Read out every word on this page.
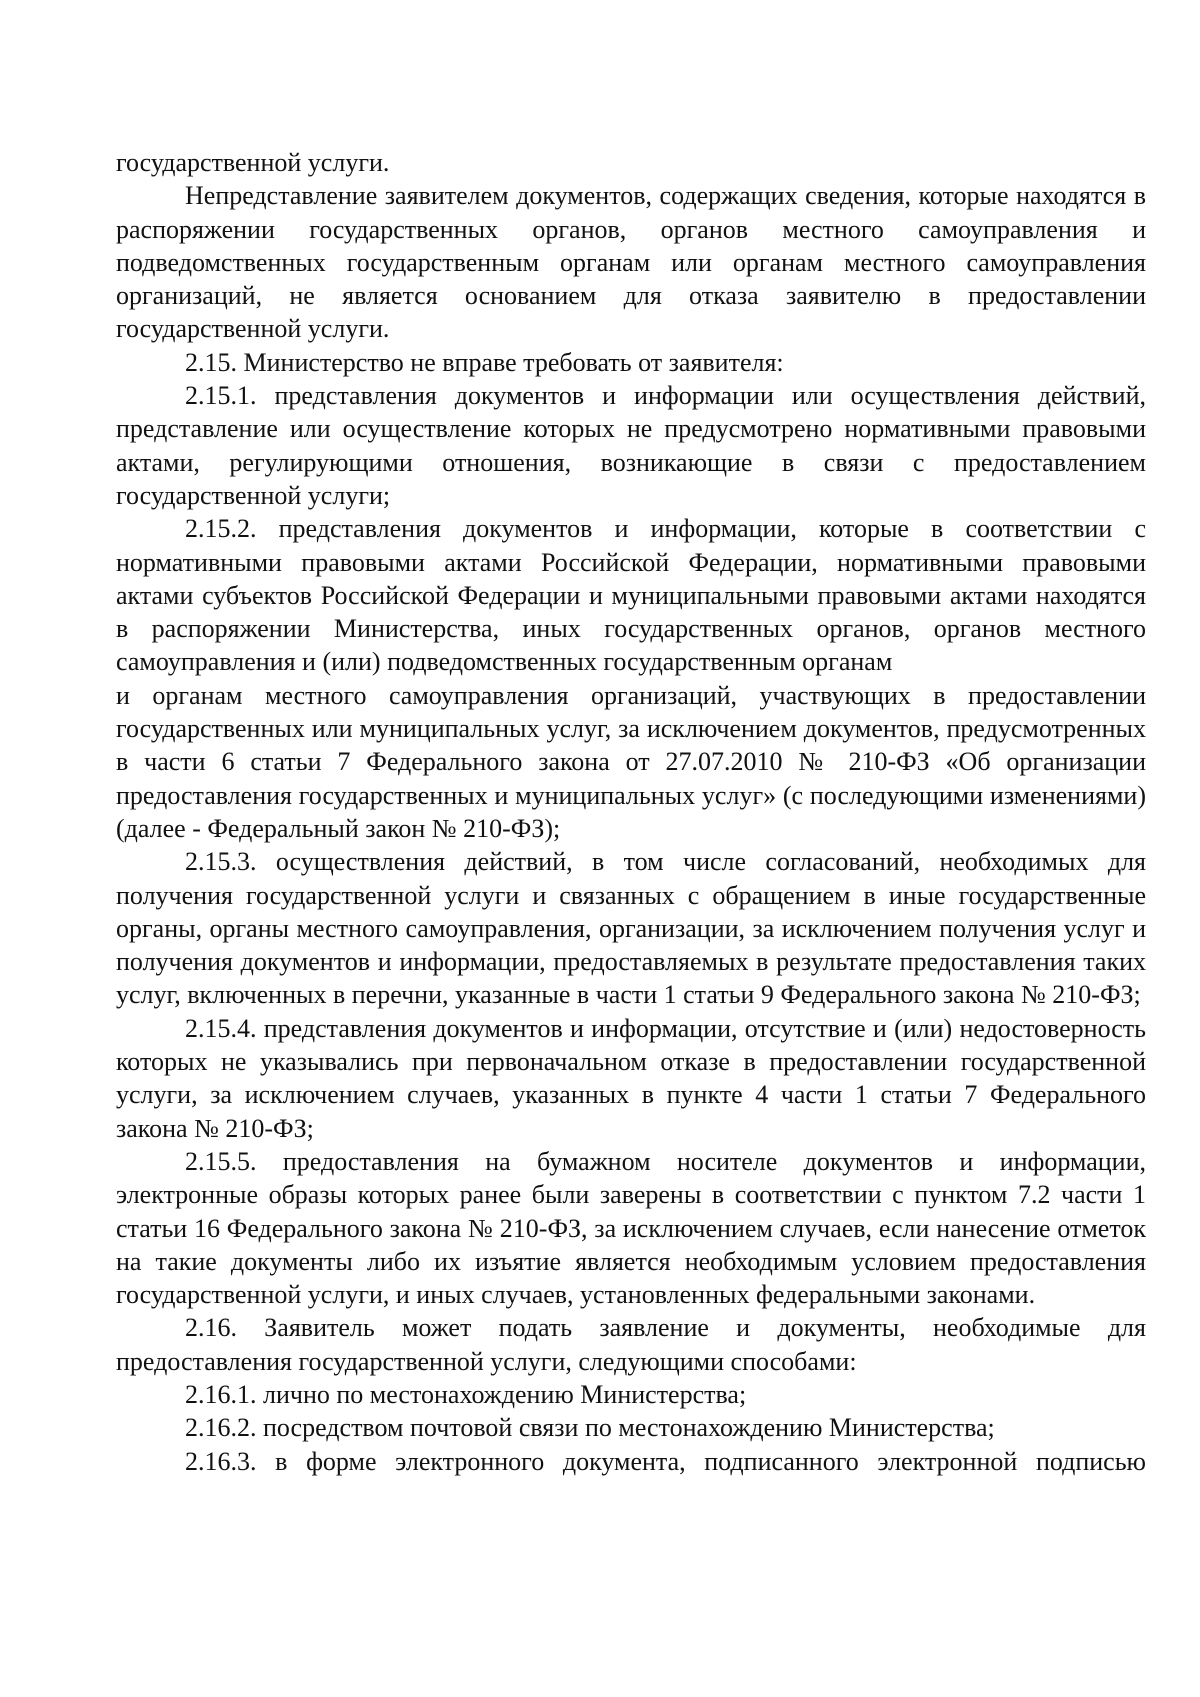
государственной услуги.

Непредставление заявителем документов, содержащих сведения, которые находятся в распоряжении государственных органов, органов местного самоуправления и подведомственных государственным органам или органам местного самоуправления организаций, не является основанием для отказа заявителю в предоставлении государственной услуги.

2.15. Министерство не вправе требовать от заявителя:

2.15.1. представления документов и информации или осуществления действий, представление или осуществление которых не предусмотрено нормативными правовыми актами, регулирующими отношения, возникающие в связи с предоставлением государственной услуги;

2.15.2. представления документов и информации, которые в соответствии с нормативными правовыми актами Российской Федерации, нормативными правовыми актами субъектов Российской Федерации и муниципальными правовыми актами находятся в распоряжении Министерства, иных государственных органов, органов местного самоуправления и (или) подведомственных государственным органам

и органам местного самоуправления организаций, участвующих в предоставлении государственных или муниципальных услуг, за исключением документов, предусмотренных в части 6 статьи 7 Федерального закона от 27.07.2010 № 210-ФЗ «Об организации предоставления государственных и муниципальных услуг» (с последующими изменениями) (далее - Федеральный закон № 210-ФЗ);

2.15.3. осуществления действий, в том числе согласований, необходимых для получения государственной услуги и связанных с обращением в иные государственные органы, органы местного самоуправления, организации, за исключением получения услуг и получения документов и информации, предоставляемых в результате предоставления таких услуг, включенных в перечни, указанные в части 1 статьи 9 Федерального закона № 210-ФЗ;

2.15.4. представления документов и информации, отсутствие и (или) недостоверность которых не указывались при первоначальном отказе в предоставлении государственной услуги, за исключением случаев, указанных в пункте 4 части 1 статьи 7 Федерального закона № 210-ФЗ;

2.15.5. предоставления на бумажном носителе документов и информации, электронные образы которых ранее были заверены в соответствии с пунктом 7.2 части 1 статьи 16 Федерального закона № 210-ФЗ, за исключением случаев, если нанесение отметок на такие документы либо их изъятие является необходимым условием предоставления государственной услуги, и иных случаев, установленных федеральными законами.

2.16. Заявитель может подать заявление и документы, необходимые для предоставления государственной услуги, следующими способами:

2.16.1. лично по местонахождению Министерства;

2.16.2. посредством почтовой связи по местонахождению Министерства;

2.16.3. в форме электронного документа, подписанного электронной подписью
